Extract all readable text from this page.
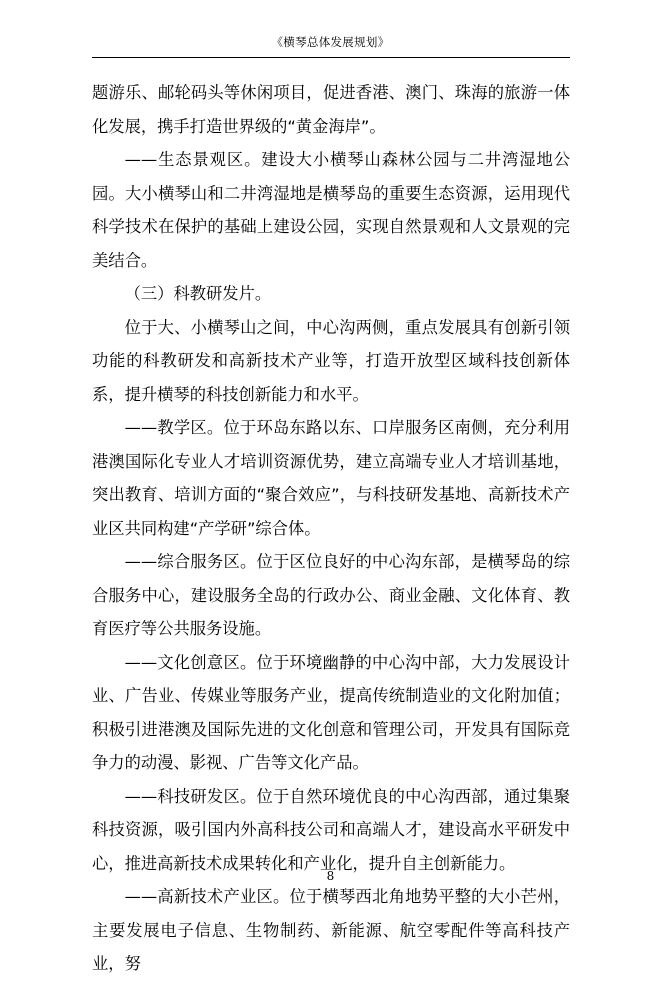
《横琴总体发展规划》

题游乐、邮轮码头等休闲项目，促进香港、澳门、珠海的旅游一体化发展，携手打造世界级的“黄金海岸”。

——生态景观区。建设大小横琴山森林公园与二井湾湿地公园。大小横琴山和二井湾湿地是横琴岛的重要生态资源，运用现代科学技术在保护的基础上建设公园，实现自然景观和人文景观的完美结合。

（三）科教研发片。

位于大、小横琴山之间，中心沟两侧，重点发展具有创新引领功能的科教研发和高新技术产业等，打造开放型区域科技创新体系，提升横琴的科技创新能力和水平。

——教学区。位于环岛东路以东、口岸服务区南侧，充分利用港澳国际化专业人才培训资源优势，建立高端专业人才培训基地，突出教育、培训方面的“聚合效应”，与科技研发基地、高新技术产业区共同构建“产学研”综合体。

——综合服务区。位于区位良好的中心沟东部，是横琴岛的综合服务中心，建设服务全岛的行政办公、商业金融、文化体育、教育医疗等公共服务设施。

——文化创意区。位于环境幽静的中心沟中部，大力发展设计业、广告业、传媒业等服务产业，提高传统制造业的文化附加值；积极引进港澳及国际先进的文化创意和管理公司，开发具有国际竞争力的动漫、影视、广告等文化产品。

——科技研发区。位于自然环境优良的中心沟西部，通过集聚科技资源，吸引国内外高科技公司和高端人才，建设高水平研发中心，推进高新技术成果转化和产业化，提升自主创新能力。

——高新技术产业区。位于横琴西北角地势平整的大小芒州，主要发展电子信息、生物制药、新能源、航空零配件等高科技产业，努

8
